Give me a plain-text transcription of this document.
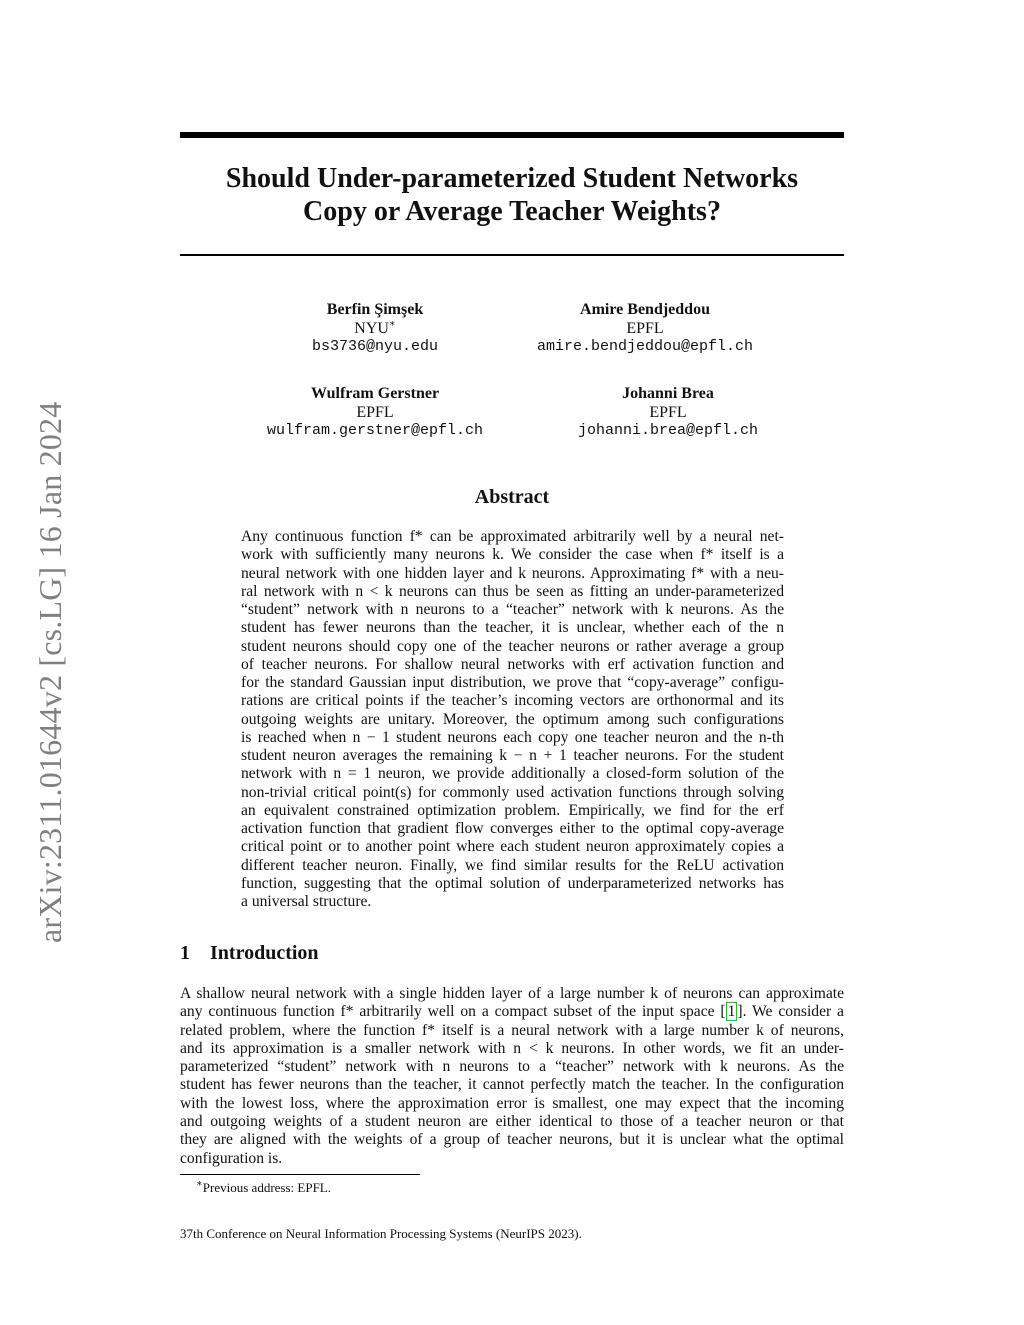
arXiv:2311.01644v2 [cs.LG] 16 Jan 2024
Should Under-parameterized Student Networks
Copy or Average Teacher Weights?
Berfin Şimşek
NYU∗
bs3736@nyu.edu
Amire Bendjeddou
EPFL
amire.bendjeddou@epfl.ch
Wulfram Gerstner
EPFL
wulfram.gerstner@epfl.ch
Johanni Brea
EPFL
johanni.brea@epfl.ch
Abstract
Any continuous function f* can be approximated arbitrarily well by a neural net-
work with sufficiently many neurons k. We consider the case when f* itself is a
neural network with one hidden layer and k neurons. Approximating f* with a neu-
ral network with n < k neurons can thus be seen as fitting an under-parameterized
“student” network with n neurons to a “teacher” network with k neurons. As the
student has fewer neurons than the teacher, it is unclear, whether each of the n
student neurons should copy one of the teacher neurons or rather average a group
of teacher neurons. For shallow neural networks with erf activation function and
for the standard Gaussian input distribution, we prove that “copy-average” configu-
rations are critical points if the teacher’s incoming vectors are orthonormal and its
outgoing weights are unitary. Moreover, the optimum among such configurations
is reached when n − 1 student neurons each copy one teacher neuron and the n-th
student neuron averages the remaining k − n + 1 teacher neurons. For the student
network with n = 1 neuron, we provide additionally a closed-form solution of the
non-trivial critical point(s) for commonly used activation functions through solving
an equivalent constrained optimization problem. Empirically, we find for the erf
activation function that gradient flow converges either to the optimal copy-average
critical point or to another point where each student neuron approximately copies a
different teacher neuron. Finally, we find similar results for the ReLU activation
function, suggesting that the optimal solution of underparameterized networks has
a universal structure.
1 Introduction
A shallow neural network with a single hidden layer of a large number k of neurons can approximate
any continuous function f* arbitrarily well on a compact subset of the input space [ 1 ]. We consider a
related problem, where the function f* itself is a neural network with a large number k of neurons,
and its approximation is a smaller network with n < k neurons. In other words, we fit an under-
parameterized “student” network with n neurons to a “teacher” network with k neurons. As the
student has fewer neurons than the teacher, it cannot perfectly match the teacher. In the configuration
with the lowest loss, where the approximation error is smallest, one may expect that the incoming
and outgoing weights of a student neuron are either identical to those of a teacher neuron or that
they are aligned with the weights of a group of teacher neurons, but it is unclear what the optimal
configuration is.
∗Previous address: EPFL.
37th Conference on Neural Information Processing Systems (NeurIPS 2023).
